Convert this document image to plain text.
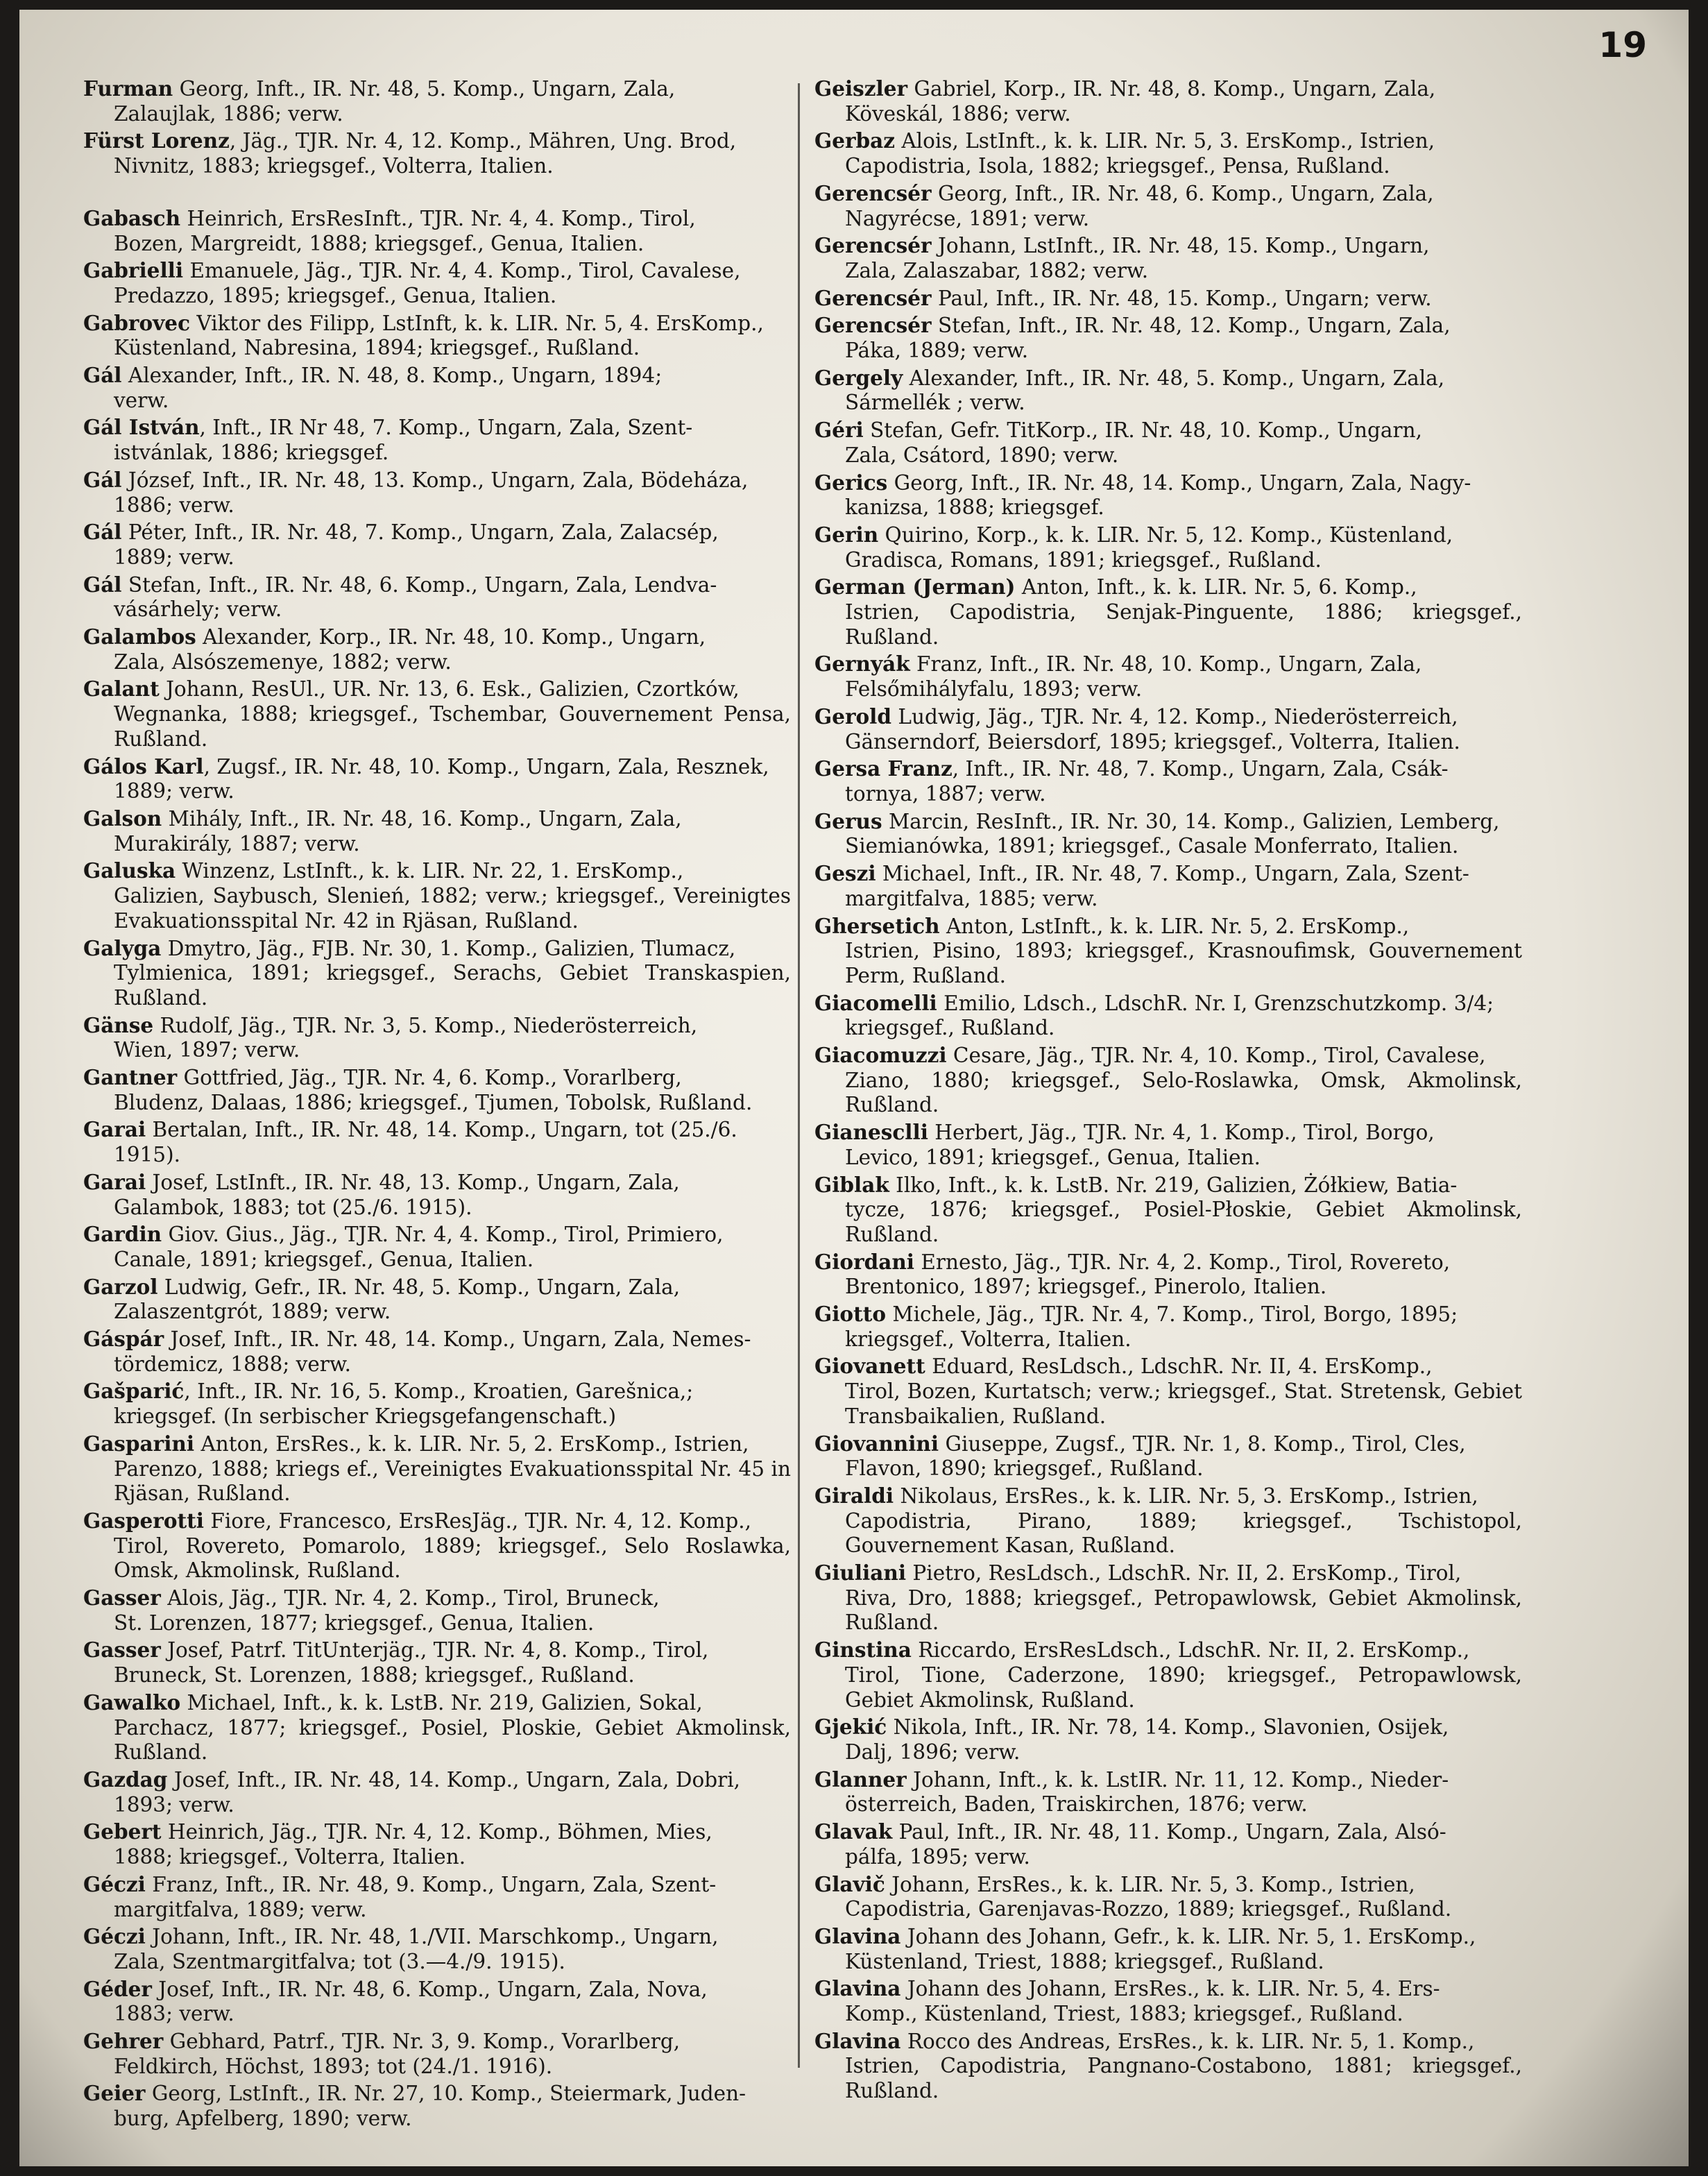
19
Furman Georg, Inft., IR. Nr. 48, 5. Komp., Ungarn, Zala,
Zalaujlak, 1886; verw.
Fürst Lorenz, Jäg., TJR. Nr. 4, 12. Komp., Mähren, Ung. Brod,
Nivnitz, 1883; kriegsgef., Volterra, Italien.
Gabasch Heinrich, ErsResInft., TJR. Nr. 4, 4. Komp., Tirol,
Bozen, Margreidt, 1888; kriegsgef., Genua, Italien.
Gabrielli Emanuele, Jäg., TJR. Nr. 4, 4. Komp., Tirol, Cavalese,
Predazzo, 1895; kriegsgef., Genua, Italien.
Gabrovec Viktor des Filipp, LstInft, k. k. LIR. Nr. 5, 4. ErsKomp.,
Küstenland, Nabresina, 1894; kriegsgef., Rußland.
Gál Alexander, Inft., IR. N. 48, 8. Komp., Ungarn, 1894;
verw.
Gál István, Inft., IR Nr 48, 7. Komp., Ungarn, Zala, Szent-
istvánlak, 1886; kriegsgef.
Gál József, Inft., IR. Nr. 48, 13. Komp., Ungarn, Zala, Bödeháza,
1886; verw.
Gál Péter, Inft., IR. Nr. 48, 7. Komp., Ungarn, Zala, Zalacsép,
1889; verw.
Gál Stefan, Inft., IR. Nr. 48, 6. Komp., Ungarn, Zala, Lendva-
vásárhely; verw.
Galambos Alexander, Korp., IR. Nr. 48, 10. Komp., Ungarn,
Zala, Alsószemenye, 1882; verw.
Galant Johann, ResUl., UR. Nr. 13, 6. Esk., Galizien, Czortków,
Wegnanka, 1888; kriegsgef., Tschembar, Gouvernement Pensa, Rußland.
Gálos Karl, Zugsf., IR. Nr. 48, 10. Komp., Ungarn, Zala, Resznek,
1889; verw.
Galson Mihály, Inft., IR. Nr. 48, 16. Komp., Ungarn, Zala,
Murakirály, 1887; verw.
Galuska Winzenz, LstInft., k. k. LIR. Nr. 22, 1. ErsKomp.,
Galizien, Saybusch, Slenień, 1882; verw.; kriegsgef., Vereinigtes Evakuationsspital Nr. 42 in Rjäsan, Rußland.
Galyga Dmytro, Jäg., FJB. Nr. 30, 1. Komp., Galizien, Tlumacz,
Tylmienica, 1891; kriegsgef., Serachs, Gebiet Transkaspien, Rußland.
Gänse Rudolf, Jäg., TJR. Nr. 3, 5. Komp., Niederösterreich,
Wien, 1897; verw.
Gantner Gottfried, Jäg., TJR. Nr. 4, 6. Komp., Vorarlberg,
Bludenz, Dalaas, 1886; kriegsgef., Tjumen, Tobolsk, Rußland.
Garai Bertalan, Inft., IR. Nr. 48, 14. Komp., Ungarn, tot (25./6.
1915).
Garai Josef, LstInft., IR. Nr. 48, 13. Komp., Ungarn, Zala,
Galambok, 1883; tot (25./6. 1915).
Gardin Giov. Gius., Jäg., TJR. Nr. 4, 4. Komp., Tirol, Primiero,
Canale, 1891; kriegsgef., Genua, Italien.
Garzol Ludwig, Gefr., IR. Nr. 48, 5. Komp., Ungarn, Zala,
Zalaszentgrót, 1889; verw.
Gáspár Josef, Inft., IR. Nr. 48, 14. Komp., Ungarn, Zala, Nemes-
tördemicz, 1888; verw.
Gašparić, Inft., IR. Nr. 16, 5. Komp., Kroatien, Garešnica,;
kriegsgef. (In serbischer Kriegsgefangenschaft.)
Gasparini Anton, ErsRes., k. k. LIR. Nr. 5, 2. ErsKomp., Istrien,
Parenzo, 1888; kriegs ef., Vereinigtes Evakuationsspital Nr. 45 in Rjäsan, Rußland.
Gasperotti Fiore, Francesco, ErsResJäg., TJR. Nr. 4, 12. Komp.,
Tirol, Rovereto, Pomarolo, 1889; kriegsgef., Selo Roslawka, Omsk, Akmolinsk, Rußland.
Gasser Alois, Jäg., TJR. Nr. 4, 2. Komp., Tirol, Bruneck,
St. Lorenzen, 1877; kriegsgef., Genua, Italien.
Gasser Josef, Patrf. TitUnterjäg., TJR. Nr. 4, 8. Komp., Tirol,
Bruneck, St. Lorenzen, 1888; kriegsgef., Rußland.
Gawalko Michael, Inft., k. k. LstB. Nr. 219, Galizien, Sokal,
Parchacz, 1877; kriegsgef., Posiel, Ploskie, Gebiet Akmolinsk, Rußland.
Gazdag Josef, Inft., IR. Nr. 48, 14. Komp., Ungarn, Zala, Dobri,
1893; verw.
Gebert Heinrich, Jäg., TJR. Nr. 4, 12. Komp., Böhmen, Mies,
1888; kriegsgef., Volterra, Italien.
Géczi Franz, Inft., IR. Nr. 48, 9. Komp., Ungarn, Zala, Szent-
margitfalva, 1889; verw.
Géczi Johann, Inft., IR. Nr. 48, 1./VII. Marschkomp., Ungarn,
Zala, Szentmargitfalva; tot (3.—4./9. 1915).
Géder Josef, Inft., IR. Nr. 48, 6. Komp., Ungarn, Zala, Nova,
1883; verw.
Gehrer Gebhard, Patrf., TJR. Nr. 3, 9. Komp., Vorarlberg,
Feldkirch, Höchst, 1893; tot (24./1. 1916).
Geier Georg, LstInft., IR. Nr. 27, 10. Komp., Steiermark, Juden-
burg, Apfelberg, 1890; verw.
Geiszler Gabriel, Korp., IR. Nr. 48, 8. Komp., Ungarn, Zala,
Köveskál, 1886; verw.
Gerbaz Alois, LstInft., k. k. LIR. Nr. 5, 3. ErsKomp., Istrien,
Capodistria, Isola, 1882; kriegsgef., Pensa, Rußland.
Gerencsér Georg, Inft., IR. Nr. 48, 6. Komp., Ungarn, Zala,
Nagyrécse, 1891; verw.
Gerencsér Johann, LstInft., IR. Nr. 48, 15. Komp., Ungarn,
Zala, Zalaszabar, 1882; verw.
Gerencsér Paul, Inft., IR. Nr. 48, 15. Komp., Ungarn; verw.
Gerencsér Stefan, Inft., IR. Nr. 48, 12. Komp., Ungarn, Zala,
Páka, 1889; verw.
Gergely Alexander, Inft., IR. Nr. 48, 5. Komp., Ungarn, Zala,
Sármellék ; verw.
Géri Stefan, Gefr. TitKorp., IR. Nr. 48, 10. Komp., Ungarn,
Zala, Csátord, 1890; verw.
Gerics Georg, Inft., IR. Nr. 48, 14. Komp., Ungarn, Zala, Nagy-
kanizsa, 1888; kriegsgef.
Gerin Quirino, Korp., k. k. LIR. Nr. 5, 12. Komp., Küstenland,
Gradisca, Romans, 1891; kriegsgef., Rußland.
German (Jerman) Anton, Inft., k. k. LIR. Nr. 5, 6. Komp.,
Istrien, Capodistria, Senjak-Pinguente, 1886; kriegsgef., Rußland.
Gernyák Franz, Inft., IR. Nr. 48, 10. Komp., Ungarn, Zala,
Felsőmihályfalu, 1893; verw.
Gerold Ludwig, Jäg., TJR. Nr. 4, 12. Komp., Niederösterreich,
Gänserndorf, Beiersdorf, 1895; kriegsgef., Volterra, Italien.
Gersa Franz, Inft., IR. Nr. 48, 7. Komp., Ungarn, Zala, Csák-
tornya, 1887; verw.
Gerus Marcin, ResInft., IR. Nr. 30, 14. Komp., Galizien, Lemberg,
Siemianówka, 1891; kriegsgef., Casale Monferrato, Italien.
Geszi Michael, Inft., IR. Nr. 48, 7. Komp., Ungarn, Zala, Szent-
margitfalva, 1885; verw.
Ghersetich Anton, LstInft., k. k. LIR. Nr. 5, 2. ErsKomp.,
Istrien, Pisino, 1893; kriegsgef., Krasnoufimsk, Gouvernement Perm, Rußland.
Giacomelli Emilio, Ldsch., LdschR. Nr. I, Grenzschutzkomp. 3/4;
kriegsgef., Rußland.
Giacomuzzi Cesare, Jäg., TJR. Nr. 4, 10. Komp., Tirol, Cavalese,
Ziano, 1880; kriegsgef., Selo-Roslawka, Omsk, Akmolinsk, Rußland.
Gianesclli Herbert, Jäg., TJR. Nr. 4, 1. Komp., Tirol, Borgo,
Levico, 1891; kriegsgef., Genua, Italien.
Giblak Ilko, Inft., k. k. LstB. Nr. 219, Galizien, Żółkiew, Batia-
tycze, 1876; kriegsgef., Posiel-Płoskie, Gebiet Akmolinsk, Rußland.
Giordani Ernesto, Jäg., TJR. Nr. 4, 2. Komp., Tirol, Rovereto,
Brentonico, 1897; kriegsgef., Pinerolo, Italien.
Giotto Michele, Jäg., TJR. Nr. 4, 7. Komp., Tirol, Borgo, 1895;
kriegsgef., Volterra, Italien.
Giovanett Eduard, ResLdsch., LdschR. Nr. II, 4. ErsKomp.,
Tirol, Bozen, Kurtatsch; verw.; kriegsgef., Stat. Stretensk, Gebiet Transbaikalien, Rußland.
Giovannini Giuseppe, Zugsf., TJR. Nr. 1, 8. Komp., Tirol, Cles,
Flavon, 1890; kriegsgef., Rußland.
Giraldi Nikolaus, ErsRes., k. k. LIR. Nr. 5, 3. ErsKomp., Istrien,
Capodistria, Pirano, 1889; kriegsgef., Tschistopol, Gouvernement Kasan, Rußland.
Giuliani Pietro, ResLdsch., LdschR. Nr. II, 2. ErsKomp., Tirol,
Riva, Dro, 1888; kriegsgef., Petropawlowsk, Gebiet Akmolinsk, Rußland.
Ginstina Riccardo, ErsResLdsch., LdschR. Nr. II, 2. ErsKomp.,
Tirol, Tione, Caderzone, 1890; kriegsgef., Petropawlowsk, Gebiet Akmolinsk, Rußland.
Gjekić Nikola, Inft., IR. Nr. 78, 14. Komp., Slavonien, Osijek,
Dalj, 1896; verw.
Glanner Johann, Inft., k. k. LstIR. Nr. 11, 12. Komp., Nieder-
österreich, Baden, Traiskirchen, 1876; verw.
Glavak Paul, Inft., IR. Nr. 48, 11. Komp., Ungarn, Zala, Alsó-
pálfa, 1895; verw.
Glavič Johann, ErsRes., k. k. LIR. Nr. 5, 3. Komp., Istrien,
Capodistria, Garenjavas-Rozzo, 1889; kriegsgef., Rußland.
Glavina Johann des Johann, Gefr., k. k. LIR. Nr. 5, 1. ErsKomp.,
Küstenland, Triest, 1888; kriegsgef., Rußland.
Glavina Johann des Johann, ErsRes., k. k. LIR. Nr. 5, 4. Ers-
Komp., Küstenland, Triest, 1883; kriegsgef., Rußland.
Glavina Rocco des Andreas, ErsRes., k. k. LIR. Nr. 5, 1. Komp.,
Istrien, Capodistria, Pangnano-Costabono, 1881; kriegsgef., Rußland.
